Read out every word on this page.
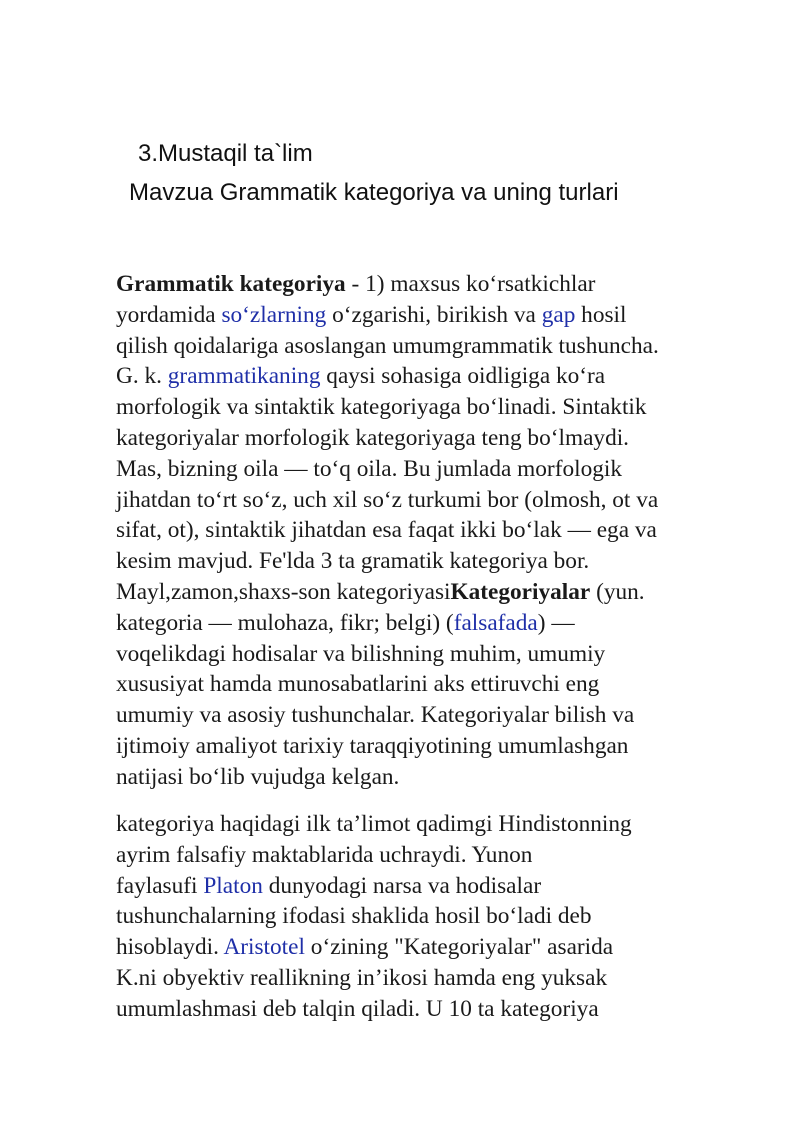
3.Mustaqil ta`lim
Mavzua Grammatik kategoriya va uning turlari
Grammatik kategoriya - 1) maxsus ko‘rsatkichlar
yordamida so‘zlarning o‘zgarishi, birikish va gap hosil
qilish qoidalariga asoslangan umumgrammatik tushuncha.
G. k. grammatikaning qaysi sohasiga oidligiga ko‘ra
morfologik va sintaktik kategoriyaga bo‘linadi. Sintaktik
kategoriyalar morfologik kategoriyaga teng bo‘lmaydi.
Mas, bizning oila — to‘q oila. Bu jumlada morfologik
jihatdan to‘rt so‘z, uch xil so‘z turkumi bor (olmosh, ot va
sifat, ot), sintaktik jihatdan esa faqat ikki bo‘lak — ega va
kesim mavjud. Fe'lda 3 ta gramatik kategoriya bor.
Mayl,zamon,shaxs-son kategoriyasiKategoriyalar (yun.
kategoria — mulohaza, fikr; belgi) (falsafada) —
voqelikdagi hodisalar va bilishning muhim, umumiy
xususiyat hamda munosabatlarini aks ettiruvchi eng
umumiy va asosiy tushunchalar. Kategoriyalar bilish va
ijtimoiy amaliyot tarixiy taraqqiyotining umumlashgan
natijasi bo‘lib vujudga kelgan.
kategoriya haqidagi ilk ta’limot qadimgi Hindistonning
ayrim falsafiy maktablarida uchraydi. Yunon
faylasufi Platon dunyodagi narsa va hodisalar
tushunchalarning ifodasi shaklida hosil bo‘ladi deb
hisoblaydi. Aristotel o‘zining "Kategoriyalar" asarida
K.ni obyektiv reallikning in’ikosi hamda eng yuksak
umumlashmasi deb talqin qiladi. U 10 ta kategoriya
